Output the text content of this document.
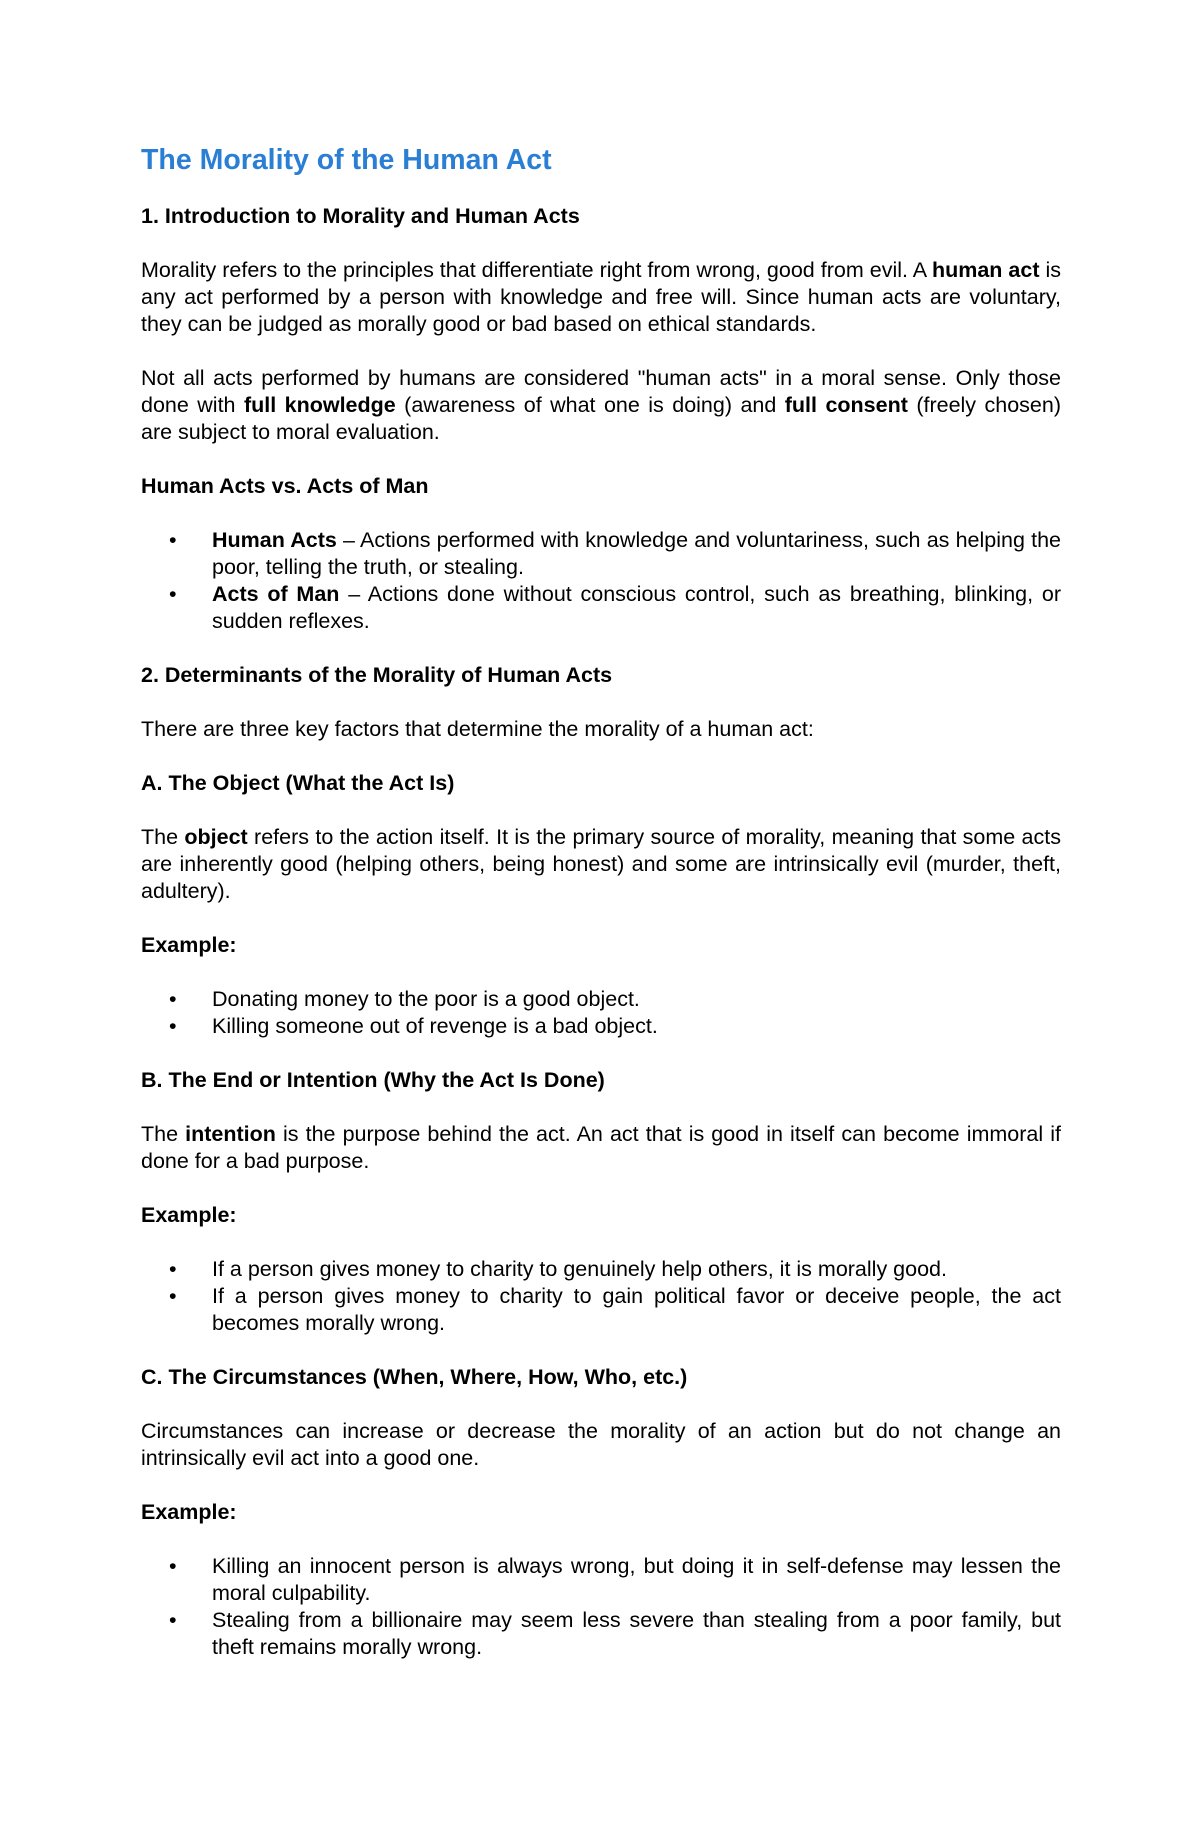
The Morality of the Human Act
1. Introduction to Morality and Human Acts

Morality refers to the principles that differentiate right from wrong, good from evil. A human act is any act performed by a person with knowledge and free will. Since human acts are voluntary, they can be judged as morally good or bad based on ethical standards.

Not all acts performed by humans are considered "human acts" in a moral sense. Only those done with full knowledge (awareness of what one is doing) and full consent (freely chosen) are subject to moral evaluation.

Human Acts vs. Acts of Man
• Human Acts – Actions performed with knowledge and voluntariness, such as helping the poor, telling the truth, or stealing.
• Acts of Man – Actions done without conscious control, such as breathing, blinking, or sudden reflexes.
2. Determinants of the Morality of Human Acts

There are three key factors that determine the morality of a human act:

A. The Object (What the Act Is)

The object refers to the action itself. It is the primary source of morality, meaning that some acts are inherently good (helping others, being honest) and some are intrinsically evil (murder, theft, adultery).

Example:
• Donating money to the poor is a good object.
• Killing someone out of revenge is a bad object.
B. The End or Intention (Why the Act Is Done)

The intention is the purpose behind the act. An act that is good in itself can become immoral if done for a bad purpose.

Example:
• If a person gives money to charity to genuinely help others, it is morally good.
• If a person gives money to charity to gain political favor or deceive people, the act becomes morally wrong.
C. The Circumstances (When, Where, How, Who, etc.)

Circumstances can increase or decrease the morality of an action but do not change an intrinsically evil act into a good one.

Example:
• Killing an innocent person is always wrong, but doing it in self-defense may lessen the moral culpability.
• Stealing from a billionaire may seem less severe than stealing from a poor family, but theft remains morally wrong.
